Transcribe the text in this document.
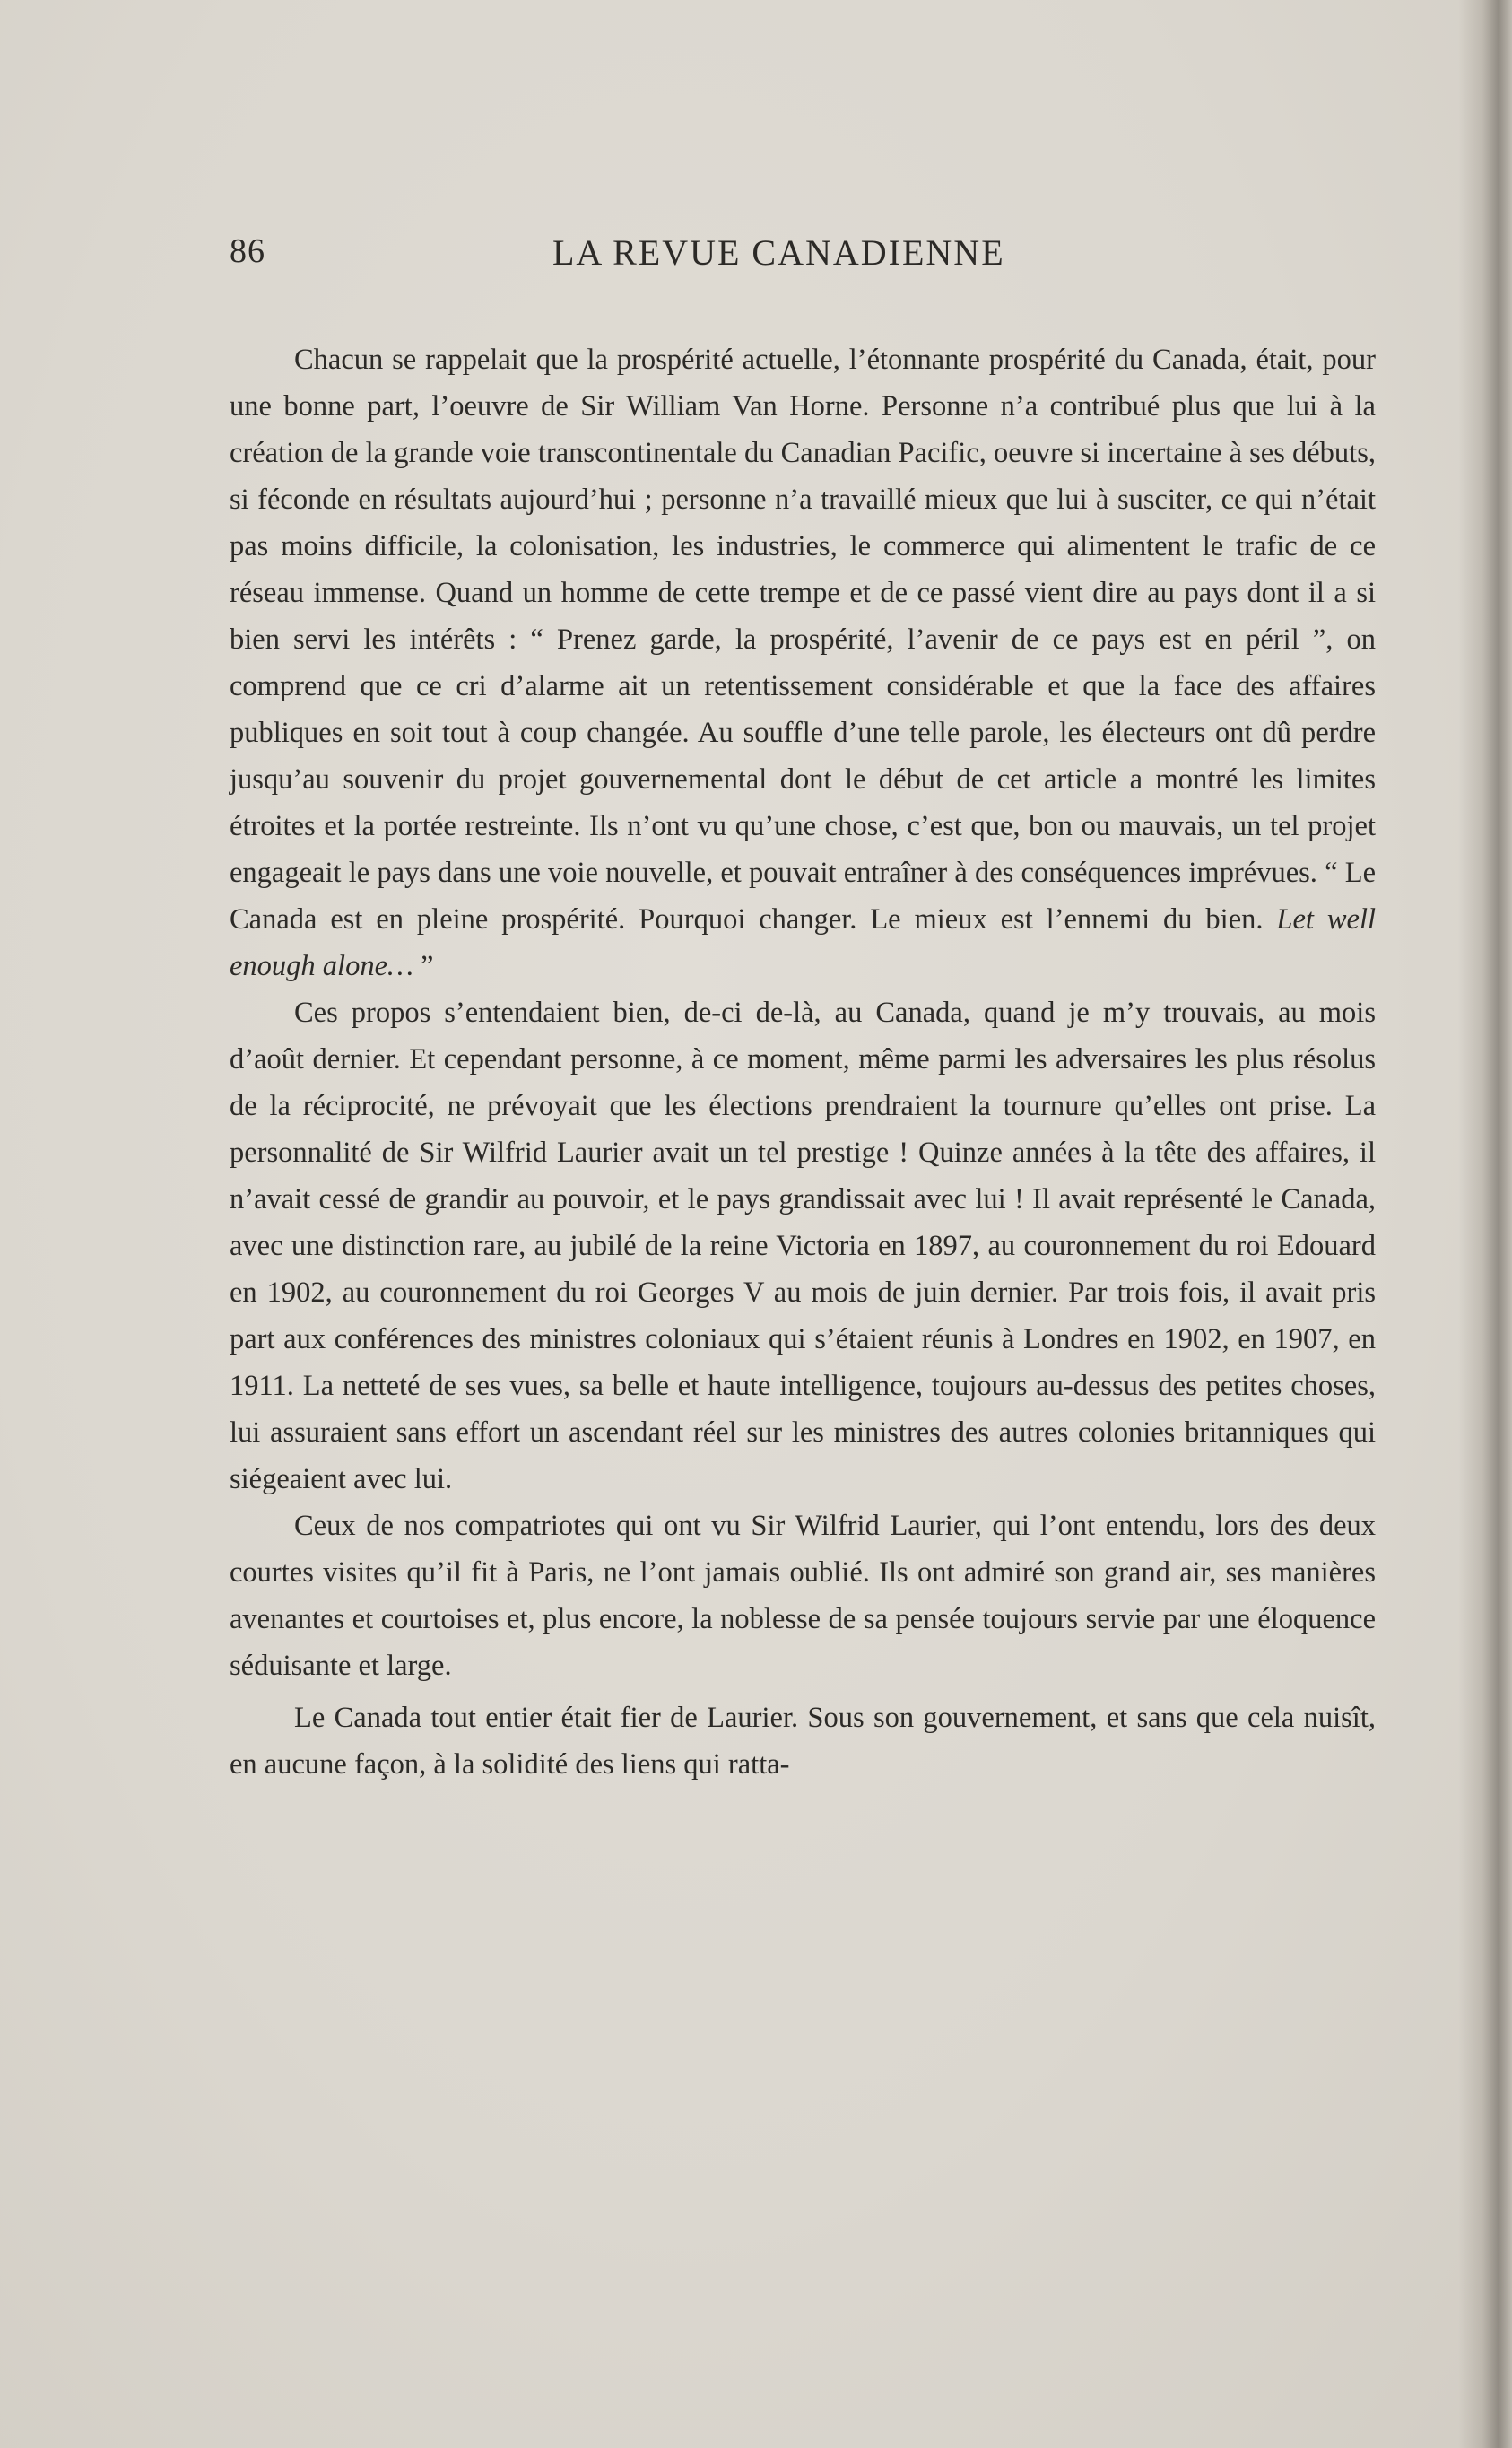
86	LA REVUE CANADIENNE

Chacun se rappelait que la prospérité actuelle, l’étonnante prospérité du Canada, était, pour une bonne part, l’oeuvre de Sir William Van Horne. Personne n’a contribué plus que lui à la création de la grande voie transcontinentale du Canadian Pacific, oeuvre si incertaine à ses débuts, si féconde en résultats aujourd’hui ; personne n’a travaillé mieux que lui à susciter, ce qui n’était pas moins difficile, la colonisation, les industries, le commerce qui alimentent le trafic de ce réseau immense. Quand un homme de cette trempe et de ce passé vient dire au pays dont il a si bien servi les intérêts : “ Prenez garde, la prospérité, l’avenir de ce pays est en péril ”, on comprend que ce cri d’alarme ait un retentissement considérable et que la face des affaires publiques en soit tout à coup changée. Au souffle d’une telle parole, les électeurs ont dû perdre jusqu’au souvenir du projet gouvernemental dont le début de cet article a montré les limites étroites et la portée restreinte. Ils n’ont vu qu’une chose, c’est que, bon ou mauvais, un tel projet engageait le pays dans une voie nouvelle, et pouvait entraîner à des conséquences imprévues. “ Le Canada est en pleine prospérité. Pourquoi changer. Le mieux est l’ennemi du bien. Let well enough alone… ”

Ces propos s’entendaient bien, de-ci de-là, au Canada, quand je m’y trouvais, au mois d’août dernier. Et cependant personne, à ce moment, même parmi les adversaires les plus résolus de la réciprocité, ne prévoyait que les élections prendraient la tournure qu’elles ont prise. La personnalité de Sir Wilfrid Laurier avait un tel prestige ! Quinze années à la tête des affaires, il n’avait cessé de grandir au pouvoir, et le pays grandissait avec lui ! Il avait représenté le Canada, avec une distinction rare, au jubilé de la reine Victoria en 1897, au couronnement du roi Edouard en 1902, au couronnement du roi Georges V au mois de juin dernier. Par trois fois, il avait pris part aux conférences des ministres coloniaux qui s’étaient réunis à Londres en 1902, en 1907, en 1911. La netteté de ses vues, sa belle et haute intelligence, toujours au-dessus des petites choses, lui assuraient sans effort un ascendant réel sur les ministres des autres colonies britanniques qui siégeaient avec lui.

Ceux de nos compatriotes qui ont vu Sir Wilfrid Laurier, qui l’ont entendu, lors des deux courtes visites qu’il fit à Paris, ne l’ont jamais oublié. Ils ont admiré son grand air, ses manières avenantes et courtoises et, plus encore, la noblesse de sa pensée toujours servie par une éloquence séduisante et large.

Le Canada tout entier était fier de Laurier. Sous son gouvernement, et sans que cela nuisît, en aucune façon, à la solidité des liens qui ratta-
